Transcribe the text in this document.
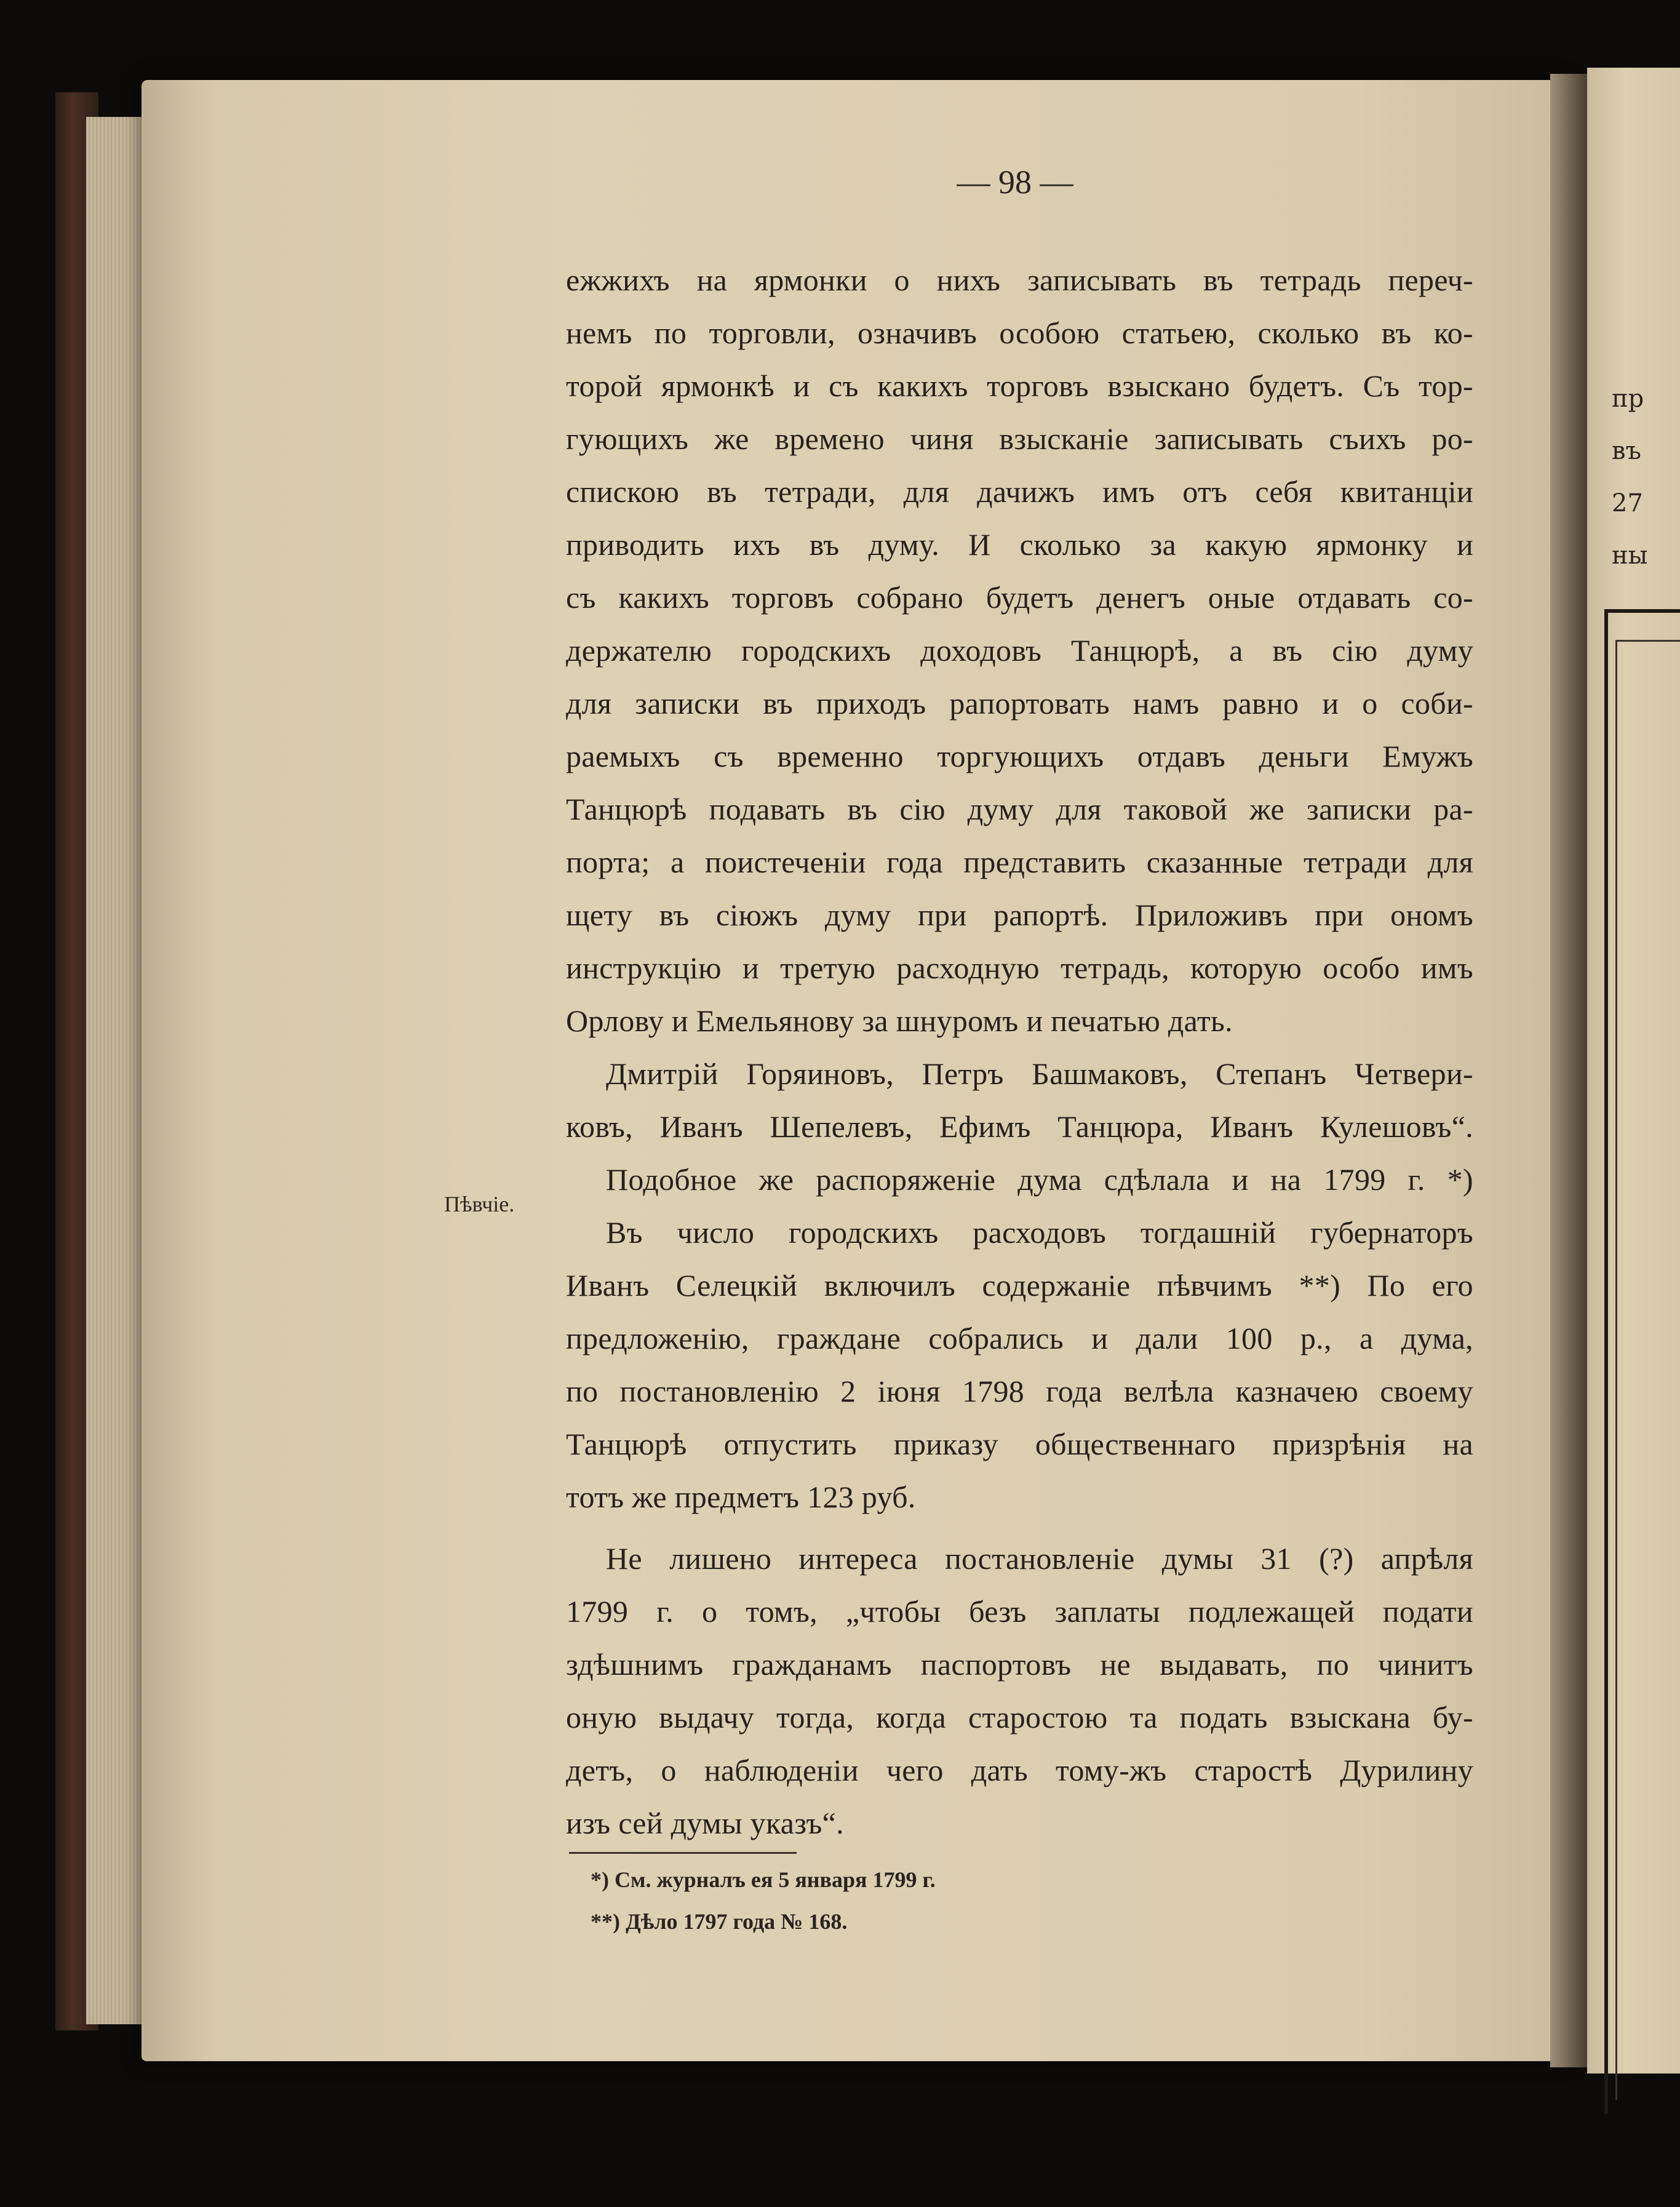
пр
въ
27
ны
— 98 —
Пѣвчіе.
ежжихъ на ярмонки о нихъ записывать въ тетрадь переч-
немъ по торговли, означивъ особою статьею, сколько въ ко-
торой ярмонкѣ и съ какихъ торговъ взыскано будетъ. Съ тор-
гующихъ же времено чиня взысканіе записывать съихъ ро-
спискою въ тетради, для дачижъ имъ отъ себя квитанціи
приводить ихъ въ думу. И сколько за какую ярмонку и
съ какихъ торговъ собрано будетъ денегъ оные отдавать со-
держателю городскихъ доходовъ Танцюрѣ, а въ сію думу
для записки въ приходъ рапортовать намъ равно и о соби-
раемыхъ съ временно торгующихъ отдавъ деньги Емужъ
Танцюрѣ подавать въ сію думу для таковой же записки ра-
порта; а поистеченіи года представить сказанные тетради для
щету въ сіюжъ думу при рапортѣ. Приложивъ при ономъ
инструкцію и третую расходную тетрадь, которую особо имъ
Орлову и Емельянову за шнуромъ и печатью дать.
Дмитрій Горяиновъ, Петръ Башмаковъ, Степанъ Четвери-
ковъ, Иванъ Шепелевъ, Ефимъ Танцюра, Иванъ Кулешовъ“.
Подобное же распоряженіе дума сдѣлала и на 1799 г. *)
Въ число городскихъ расходовъ тогдашній губернаторъ
Иванъ Селецкій включилъ содержаніе пѣвчимъ **) По его
предложенію, граждане собрались и дали 100 р., а дума,
по постановленію 2 іюня 1798 года велѣла казначею своему
Танцюрѣ отпустить приказу общественнаго призрѣнія на
тотъ же предметъ 123 руб.
Не лишено интереса постановленіе думы 31 (?) апрѣля
1799 г. о томъ, „чтобы безъ заплаты подлежащей подати
здѣшнимъ гражданамъ паспортовъ не выдавать, по чинитъ
оную выдачу тогда, когда старостою та подать взыскана бу-
детъ, о наблюденіи чего дать тому-жъ старостѣ Дурилину
изъ сей думы указъ“.
*) См. журналъ ея 5 января 1799 г.
**) Дѣло 1797 года № 168.
